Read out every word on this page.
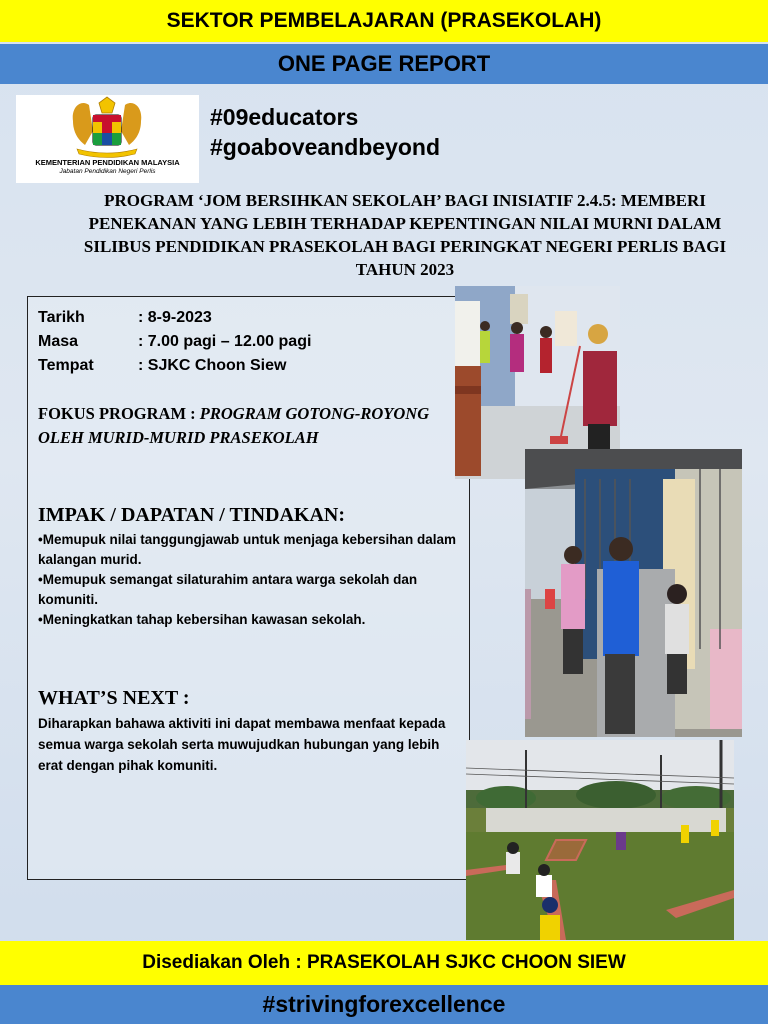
SEKTOR PEMBELAJARAN (PRASEKOLAH)
ONE PAGE REPORT
KEMENTERIAN PENDIDIKAN MALAYSIA
Jabatan Pendidikan Negeri Perlis
#09educators
#goaboveandbeyond

PROGRAM ‘JOM BERSIHKAN SEKOLAH’ BAGI INISIATIF 2.4.5: MEMBERI PENEKANAN YANG LEBIH TERHADAP KEPENTINGAN NILAI MURNI DALAM SILIBUS PENDIDIKAN PRASEKOLAH BAGI PERINGKAT NEGERI PERLIS BAGI TAHUN 2023

Tarikh	: 8-9-2023
Masa	: 7.00 pagi – 12.00 pagi
Tempat	: SJKC Choon Siew
FOKUS PROGRAM : PROGRAM GOTONG-ROYONG OLEH MURID-MURID PRASEKOLAH
IMPAK / DAPATAN / TINDAKAN:
•Memupuk nilai tanggungjawab untuk menjaga kebersihan dalam kalangan murid.
•Memupuk semangat silaturahim antara warga sekolah dan komuniti.
•Meningkatkan tahap kebersihan kawasan sekolah.
WHAT’S NEXT :
Diharapkan bahawa aktiviti ini dapat membawa menfaat kepada semua warga sekolah serta muwujudkan hubungan yang lebih erat dengan pihak komuniti.
Disediakan Oleh : PRASEKOLAH SJKC CHOON SIEW
#strivingforexcellence
